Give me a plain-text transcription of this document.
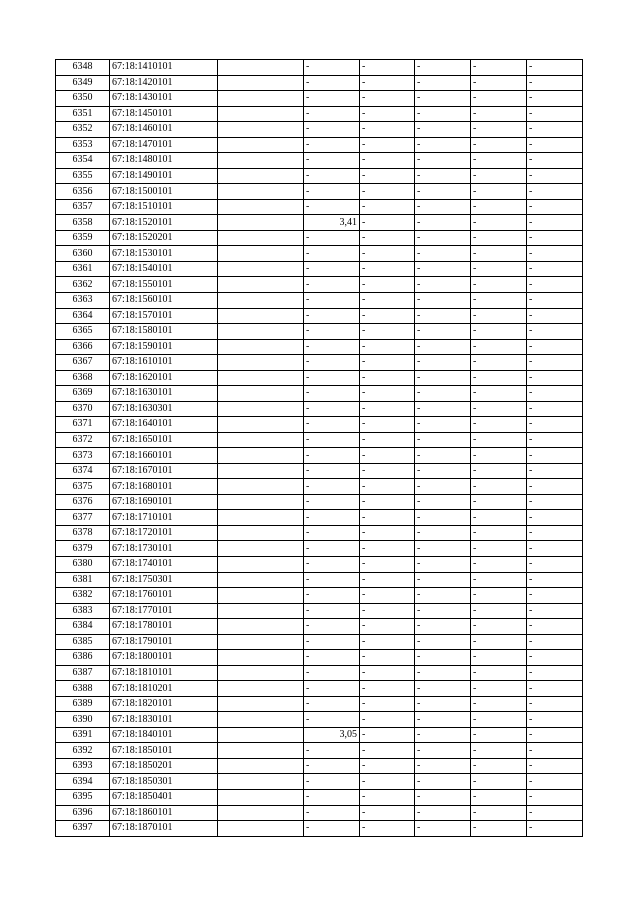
6348	67:18:1410101		-	-	-	-	-
6349	67:18:1420101		-	-	-	-	-
6350	67:18:1430101		-	-	-	-	-
6351	67:18:1450101		-	-	-	-	-
6352	67:18:1460101		-	-	-	-	-
6353	67:18:1470101		-	-	-	-	-
6354	67:18:1480101		-	-	-	-	-
6355	67:18:1490101		-	-	-	-	-
6356	67:18:1500101		-	-	-	-	-
6357	67:18:1510101		-	-	-	-	-
6358	67:18:1520101		3,41	-	-	-	-
6359	67:18:1520201		-	-	-	-	-
6360	67:18:1530101		-	-	-	-	-
6361	67:18:1540101		-	-	-	-	-
6362	67:18:1550101		-	-	-	-	-
6363	67:18:1560101		-	-	-	-	-
6364	67:18:1570101		-	-	-	-	-
6365	67:18:1580101		-	-	-	-	-
6366	67:18:1590101		-	-	-	-	-
6367	67:18:1610101		-	-	-	-	-
6368	67:18:1620101		-	-	-	-	-
6369	67:18:1630101		-	-	-	-	-
6370	67:18:1630301		-	-	-	-	-
6371	67:18:1640101		-	-	-	-	-
6372	67:18:1650101		-	-	-	-	-
6373	67:18:1660101		-	-	-	-	-
6374	67:18:1670101		-	-	-	-	-
6375	67:18:1680101		-	-	-	-	-
6376	67:18:1690101		-	-	-	-	-
6377	67:18:1710101		-	-	-	-	-
6378	67:18:1720101		-	-	-	-	-
6379	67:18:1730101		-	-	-	-	-
6380	67:18:1740101		-	-	-	-	-
6381	67:18:1750301		-	-	-	-	-
6382	67:18:1760101		-	-	-	-	-
6383	67:18:1770101		-	-	-	-	-
6384	67:18:1780101		-	-	-	-	-
6385	67:18:1790101		-	-	-	-	-
6386	67:18:1800101		-	-	-	-	-
6387	67:18:1810101		-	-	-	-	-
6388	67:18:1810201		-	-	-	-	-
6389	67:18:1820101		-	-	-	-	-
6390	67:18:1830101		-	-	-	-	-
6391	67:18:1840101		3,05	-	-	-	-
6392	67:18:1850101		-	-	-	-	-
6393	67:18:1850201		-	-	-	-	-
6394	67:18:1850301		-	-	-	-	-
6395	67:18:1850401		-	-	-	-	-
6396	67:18:1860101		-	-	-	-	-
6397	67:18:1870101		-	-	-	-	-
